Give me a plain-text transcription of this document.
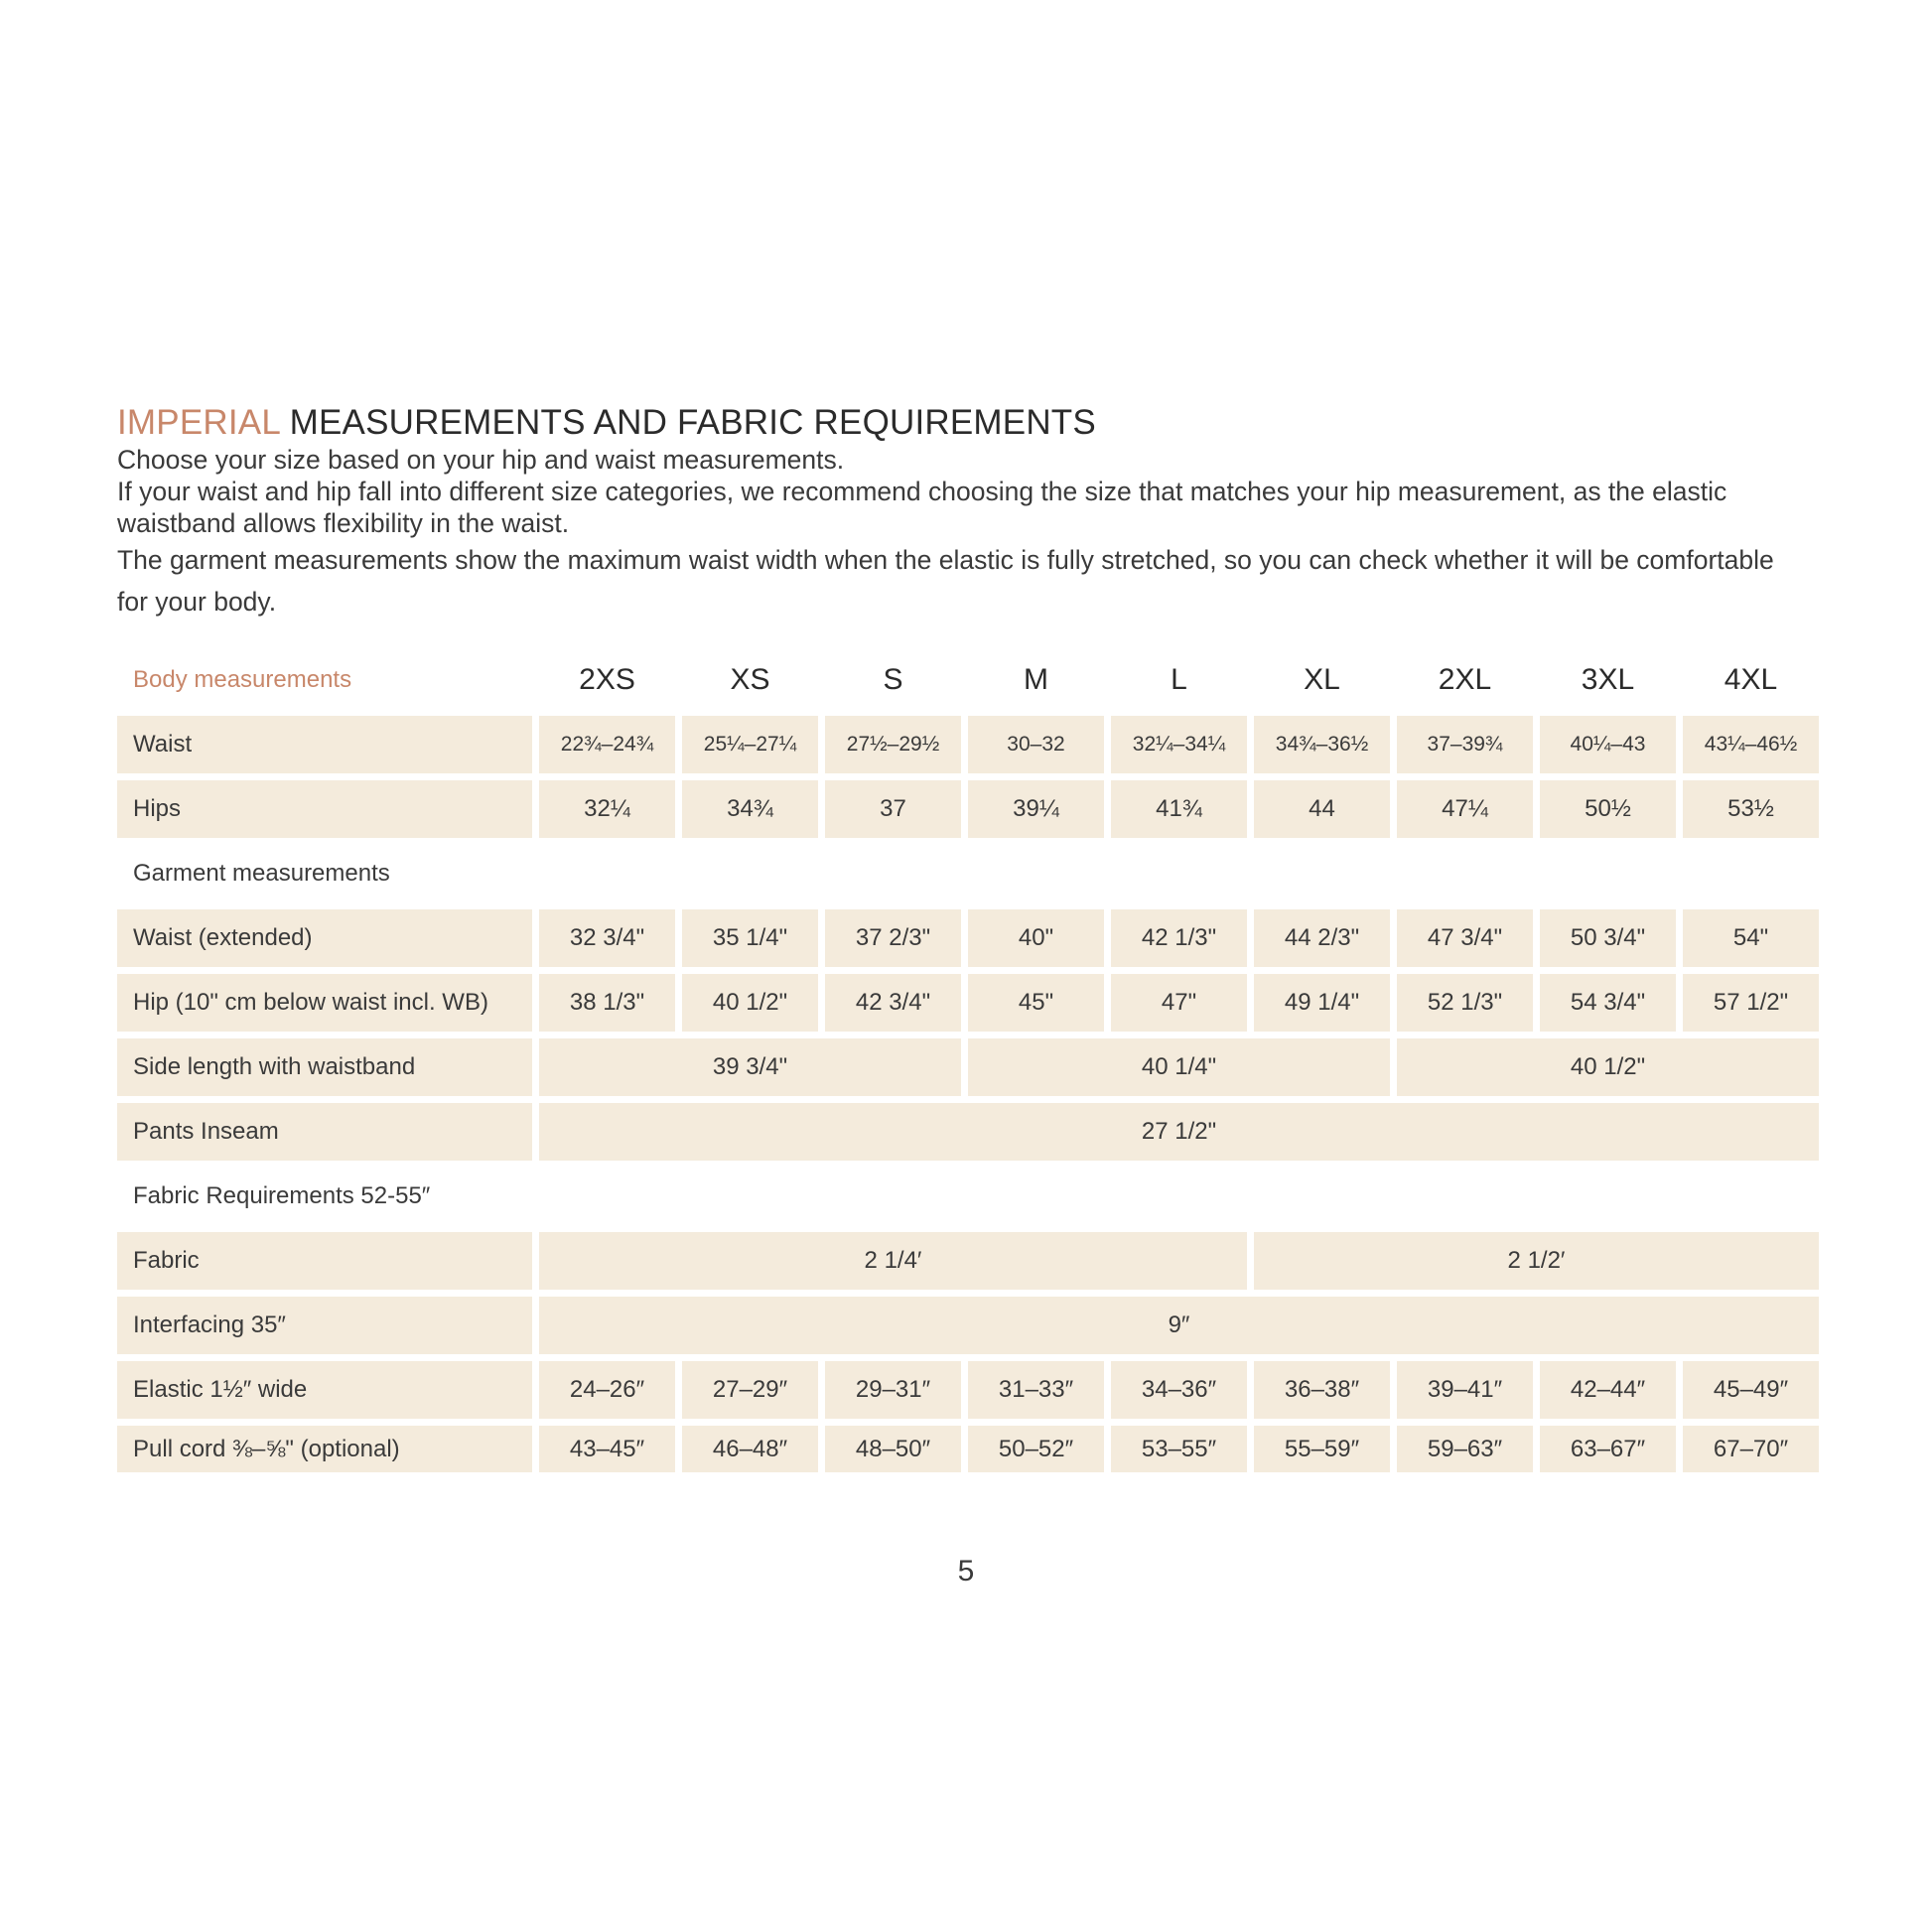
IMPERIAL MEASUREMENTS AND FABRIC REQUIREMENTS

Choose your size based on your hip and waist measurements.

If your waist and hip fall into different size categories, we recommend choosing the size that matches your hip measurement, as the elastic waistband allows flexibility in the waist.

The garment measurements show the maximum waist width when the elastic is fully stretched, so you can check whether it will be comfortable for your body.

Body measurements	2XS	XS	S	M	L	XL	2XL	3XL	4XL
Waist	22¾–24¾	25¼–27¼	27½–29½	30–32	32¼–34¼	34¾–36½	37–39¾	40¼–43	43¼–46½
Hips	32¼	34¾	37	39¼	41¾	44	47¼	50½	53½
Garment measurements
Waist (extended)	32 3/4"	35 1/4"	37 2/3"	40"	42 1/3"	44 2/3"	47 3/4"	50 3/4"	54"
Hip (10" cm below waist incl. WB)	38 1/3"	40 1/2"	42 3/4"	45"	47"	49 1/4"	52 1/3"	54 3/4"	57 1/2"
Side length with waistband	39 3/4"	40 1/4"	40 1/2"
Pants Inseam	27 1/2"
Fabric Requirements 52-55″
Fabric	2 1/4′	2 1/2′
Interfacing 35″	9″
Elastic 1½″ wide	24–26″	27–29″	29–31″	31–33″	34–36″	36–38″	39–41″	42–44″	45–49″
Pull cord ⅜–⅝" (optional)	43–45″	46–48″	48–50″	50–52″	53–55″	55–59″	59–63″	63–67″	67–70″
5
